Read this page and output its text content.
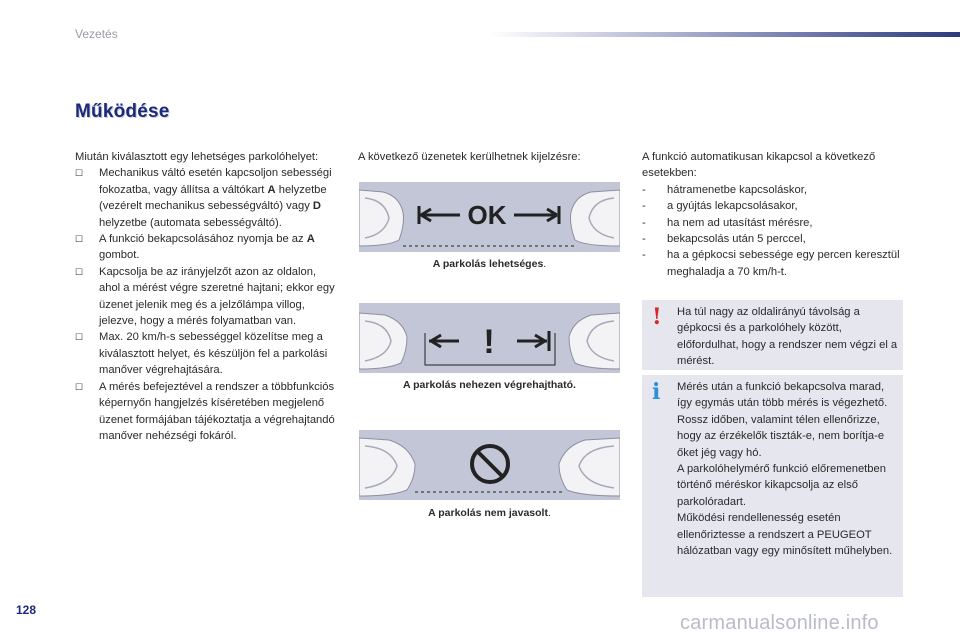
Vezetés
Működése
Miután kiválasztott egy lehetséges parkolóhelyet:
☐ Mechanikus váltó esetén kapcsoljon sebességi fokozatba, vagy állítsa a váltókart A helyzetbe (vezérelt mechanikus sebességváltó) vagy D helyzetbe (automata sebességváltó).
☐ A funkció bekapcsolásához nyomja be az A gombot.
☐ Kapcsolja be az irányjelzőt azon az oldalon, ahol a mérést végre szeretné hajtani; ekkor egy üzenet jelenik meg és a jelzőlámpa villog, jelezve, hogy a mérés folyamatban van.
☐ Max. 20 km/h-s sebességgel közelítse meg a kiválasztott helyet, és készüljön fel a parkolási manőver végrehajtására.
☐ A mérés befejeztével a rendszer a többfunkciós képernyőn hangjelzés kíséretében megjelenő üzenet formájában tájékoztatja a végrehajtandó manőver nehézségi fokáról.
A következő üzenetek kerülhetnek kijelzésre:
OK
A parkolás lehetséges.
!
A parkolás nehezen végrehajtható.
A parkolás nem javasolt.
A funkció automatikusan kikapcsol a következő esetekben:
- hátramenetbe kapcsoláskor,
- a gyújtás lekapcsolásakor,
- ha nem ad utasítást mérésre,
- bekapcsolás után 5 perccel,
- ha a gépkocsi sebessége egy percen keresztül meghaladja a 70 km/h-t.
! Ha túl nagy az oldalirányú távolság a gépkocsi és a parkolóhely között, előfordulhat, hogy a rendszer nem végzi el a mérést.
i Mérés után a funkció bekapcsolva marad, így egymás után több mérés is végezhető.
Rossz időben, valamint télen ellenőrizze, hogy az érzékelők tiszták-e, nem borítja-e őket jég vagy hó.
A parkolóhelymérő funkció előremenetben történő méréskor kikapcsolja az első parkolóradart.
Működési rendellenesség esetén ellenőriztesse a rendszert a PEUGEOT hálózatban vagy egy minősített műhelyben.
128
carmanualsonline.info
